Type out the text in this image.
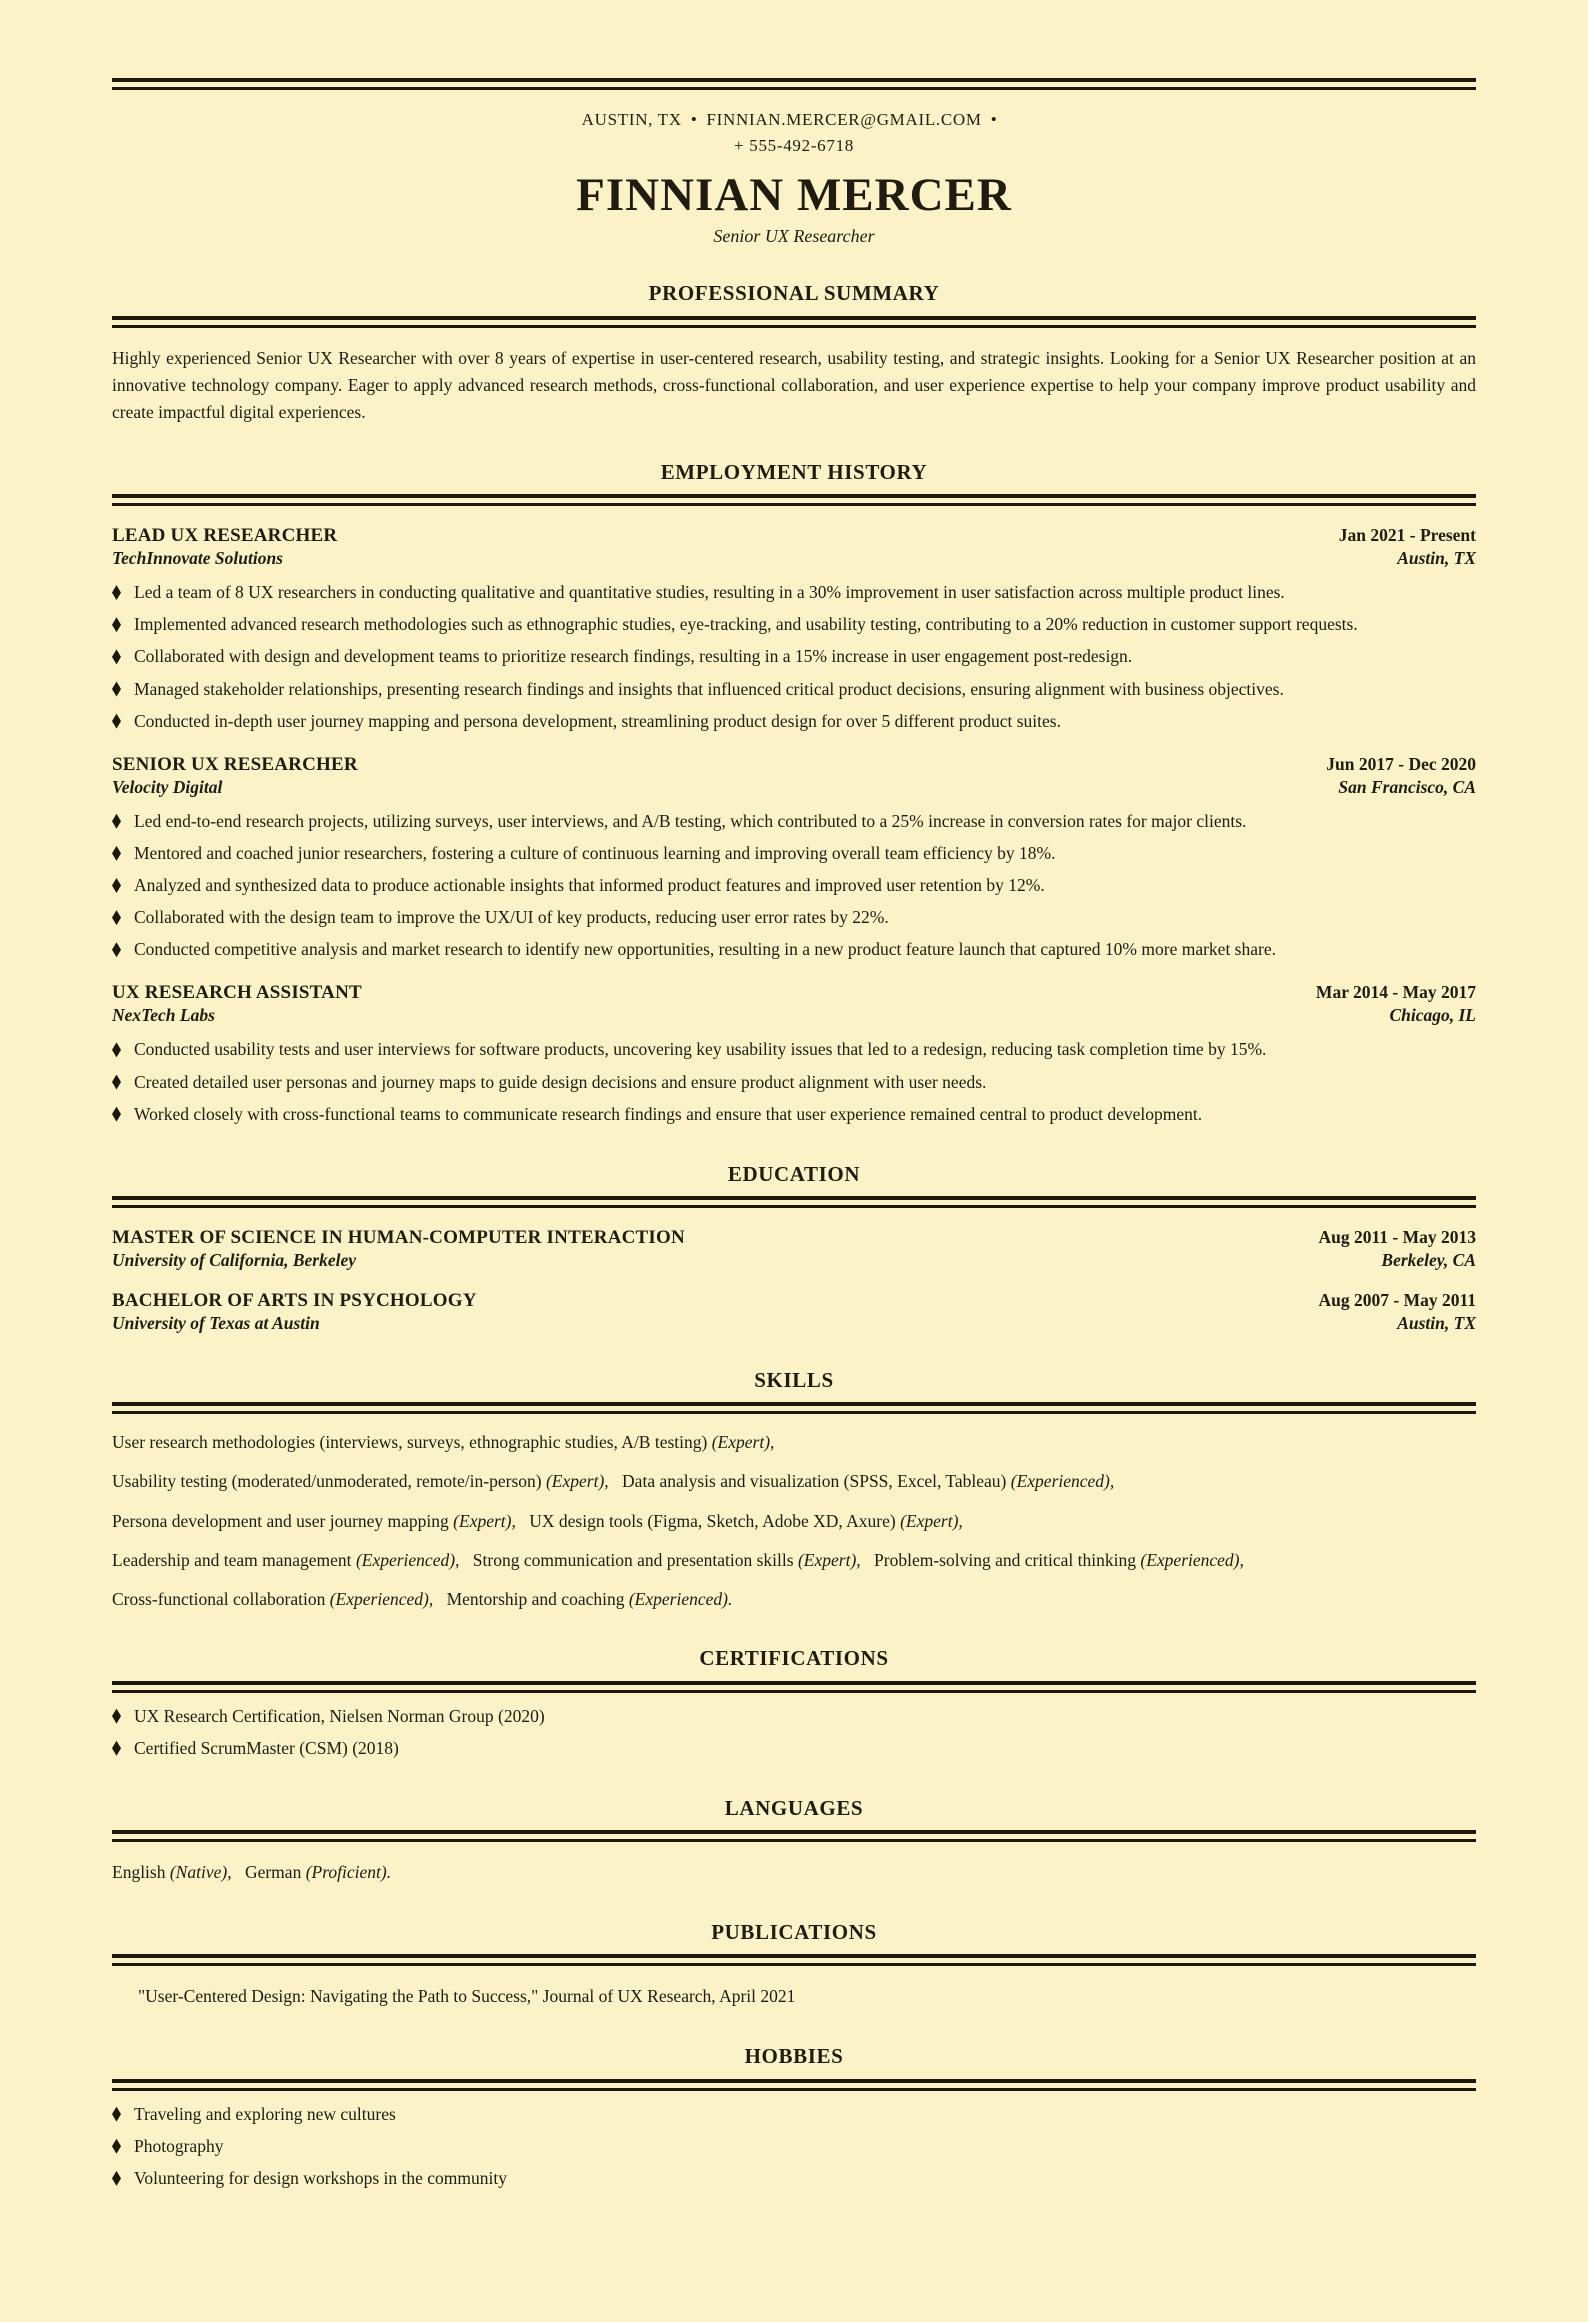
AUSTIN, TX • FINNIAN.MERCER@GMAIL.COM •
+ 555-492-6718
FINNIAN MERCER
Senior UX Researcher
PROFESSIONAL SUMMARY

Highly experienced Senior UX Researcher with over 8 years of expertise in user-centered research, usability testing, and strategic insights. Looking for a Senior UX Researcher position at an innovative technology company. Eager to apply advanced research methods, cross-functional collaboration, and user experience expertise to help your company improve product usability and create impactful digital experiences.

EMPLOYMENT HISTORY
LEAD UX RESEARCHER	Jan 2021 - Present
TechInnovate Solutions	Austin, TX
Led a team of 8 UX researchers in conducting qualitative and quantitative studies, resulting in a 30% improvement in user satisfaction across multiple product lines.
Implemented advanced research methodologies such as ethnographic studies, eye-tracking, and usability testing, contributing to a 20% reduction in customer support requests.
Collaborated with design and development teams to prioritize research findings, resulting in a 15% increase in user engagement post-redesign.
Managed stakeholder relationships, presenting research findings and insights that influenced critical product decisions, ensuring alignment with business objectives.
Conducted in-depth user journey mapping and persona development, streamlining product design for over 5 different product suites.
SENIOR UX RESEARCHER	Jun 2017 - Dec 2020
Velocity Digital	San Francisco, CA
Led end-to-end research projects, utilizing surveys, user interviews, and A/B testing, which contributed to a 25% increase in conversion rates for major clients.
Mentored and coached junior researchers, fostering a culture of continuous learning and improving overall team efficiency by 18%.
Analyzed and synthesized data to produce actionable insights that informed product features and improved user retention by 12%.
Collaborated with the design team to improve the UX/UI of key products, reducing user error rates by 22%.
Conducted competitive analysis and market research to identify new opportunities, resulting in a new product feature launch that captured 10% more market share.
UX RESEARCH ASSISTANT	Mar 2014 - May 2017
NexTech Labs	Chicago, IL
Conducted usability tests and user interviews for software products, uncovering key usability issues that led to a redesign, reducing task completion time by 15%.
Created detailed user personas and journey maps to guide design decisions and ensure product alignment with user needs.
Worked closely with cross-functional teams to communicate research findings and ensure that user experience remained central to product development.
EDUCATION
MASTER OF SCIENCE IN HUMAN-COMPUTER INTERACTION	Aug 2011 - May 2013
University of California, Berkeley	Berkeley, CA
BACHELOR OF ARTS IN PSYCHOLOGY	Aug 2007 - May 2011
University of Texas at Austin	Austin, TX
SKILLS
User research methodologies (interviews, surveys, ethnographic studies, A/B testing) (Expert),
Usability testing (moderated/unmoderated, remote/in-person) (Expert), Data analysis and visualization (SPSS, Excel, Tableau) (Experienced),
Persona development and user journey mapping (Expert), UX design tools (Figma, Sketch, Adobe XD, Axure) (Expert),
Leadership and team management (Experienced), Strong communication and presentation skills (Expert), Problem-solving and critical thinking (Experienced),
Cross-functional collaboration (Experienced), Mentorship and coaching (Experienced).
CERTIFICATIONS
UX Research Certification, Nielsen Norman Group (2020)
Certified ScrumMaster (CSM) (2018)
LANGUAGES
English (Native), German (Proficient).
PUBLICATIONS
"User-Centered Design: Navigating the Path to Success," Journal of UX Research, April 2021
HOBBIES
Traveling and exploring new cultures
Photography
Volunteering for design workshops in the community
